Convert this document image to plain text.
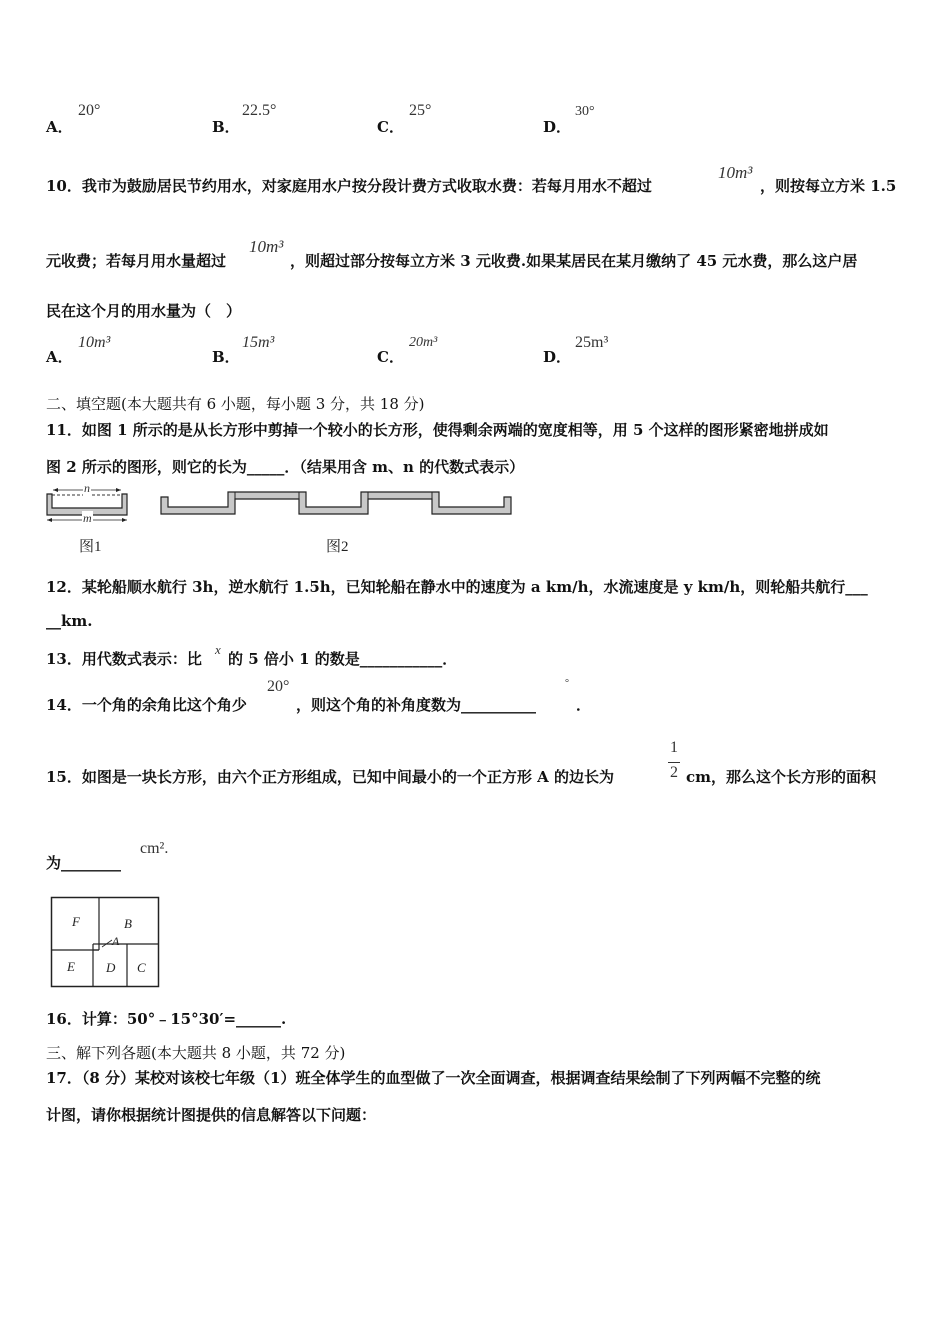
A．
20°
B．
22.5°
C．
25°
D．
30°
10．我市为鼓励居民节约用水，对家庭用水户按分段计费方式收取水费：若每月用水不超过
10m³
，则按每立方米 1.5
元收费；若每月用水量超过
10m³
，则超过部分按每立方米 3 元收费.如果某居民在某月缴纳了 45 元水费，那么这户居
民在这个月的用水量为（　）
A．
10m³
B．
15m³
C．
20m³
D．
25m³
二、填空题(本大题共有 6 小题，每小题 3 分，共 18 分)
11．如图 1 所示的是从长方形中剪掉一个较小的长方形，使得剩余两端的宽度相等，用 5 个这样的图形紧密地拼成如
图 2 所示的图形，则它的长为_____．（结果用含 m、n 的代数式表示）
n
m
图1	图2
12．某轮船顺水航行 3h，逆水航行 1.5h，已知轮船在静水中的速度为 a km/h，水流速度是 y km/h，则轮船共航行___
__km.
13．用代数式表示：比
x
的 5 倍小 1 的数是___________．
14．一个角的余角比这个角少
20°
，则这个角的补角度数为__________
°
．
15．如图是一块长方形，由六个正方形组成，已知中间最小的一个正方形 A 的边长为
1
2 cm，那么这个长方形的面积
为________
cm².
F	B
A
E D C
16．计算：50°﹣15°30′=______.
三、解下列各题(本大题共 8 小题，共 72 分)
17．（8 分）某校对该校七年级（1）班全体学生的血型做了一次全面调查，根据调查结果绘制了下列两幅不完整的统
计图，请你根据统计图提供的信息解答以下问题：
